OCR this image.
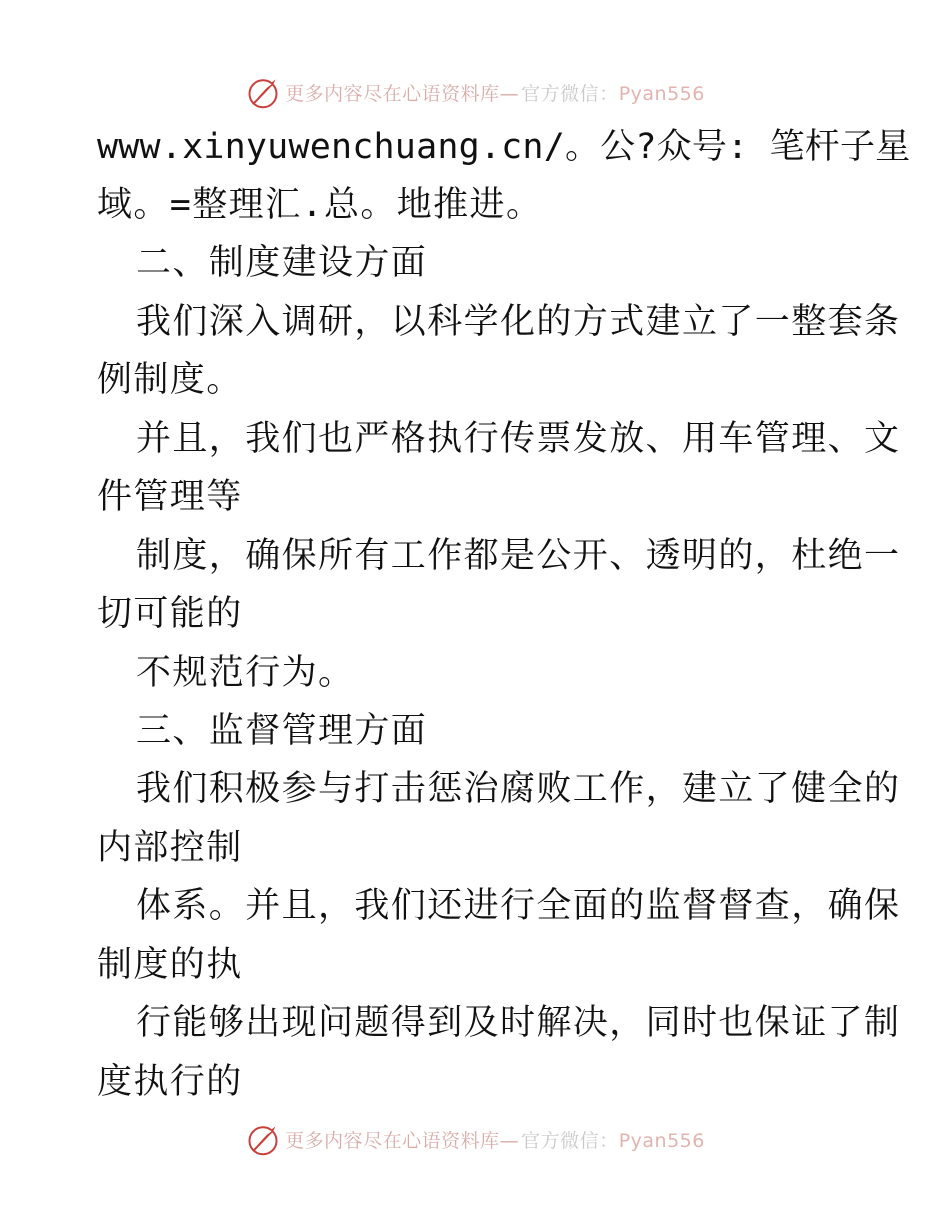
更多内容尽在心语资料库— 官方微信：Pyan556
www.xinyuwenchuang.cn/。公?众号: 笔杆子星
域。=整理汇.总。地推进。
二、制度建设方面
我们深入调研，以科学化的方式建立了一整套条
例制度。
并且，我们也严格执行传票发放、用车管理、文
件管理等
制度，确保所有工作都是公开、透明的，杜绝一
切可能的
不规范行为。
三、监督管理方面
我们积极参与打击惩治腐败工作，建立了健全的
内部控制
体系。并且，我们还进行全面的监督督查，确保
制度的执
行能够出现问题得到及时解决，同时也保证了制
度执行的
更多内容尽在心语资料库— 官方微信：Pyan556
